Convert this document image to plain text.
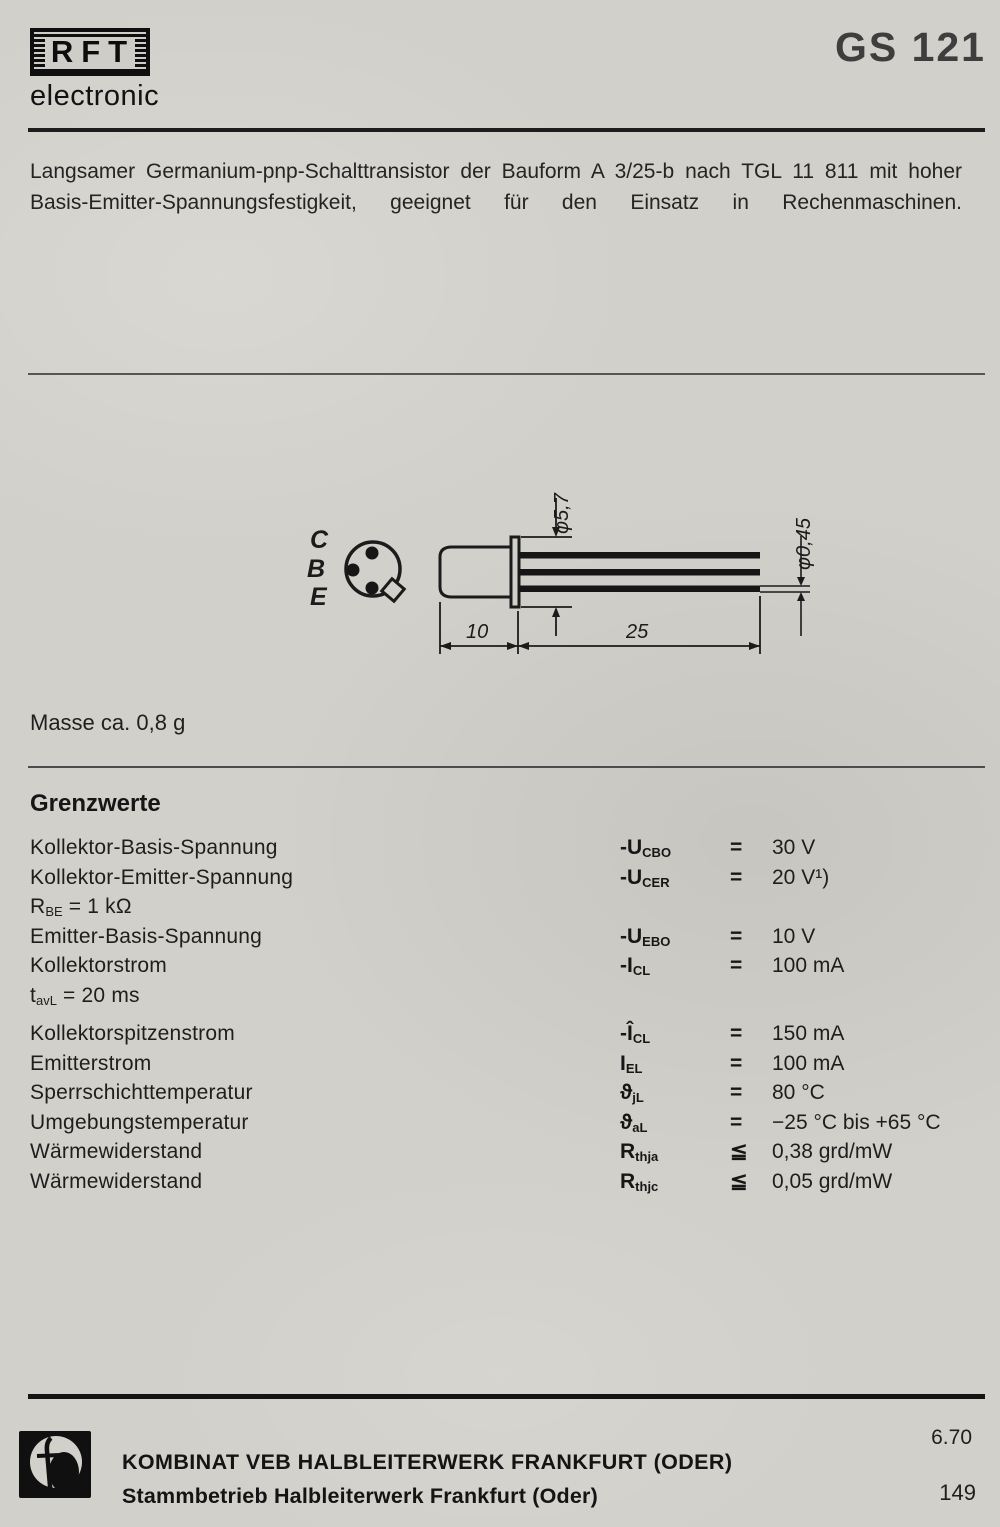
RFT
electronic
GS 121
Langsamer Germanium-pnp-Schalttransistor der Bauform A 3/25-b nach TGL 11 811 mit hoher Basis-Emitter-Spannungsfestigkeit, geeignet für den Einsatz in Rechenmaschinen.
C
B
E
φ5,7
φ0,45
10	25
Masse ca. 0,8 g
Grenzwerte
Kollektor-Basis-Spannung	$-U_{CBO}$	=	30 V
Kollektor-Emitter-Spannung	$-U_{CER}$	=	20 V¹)
$R_{BE} = 1$ kΩ
Emitter-Basis-Spannung	$-U_{EBO}$	=	10 V
Kollektorstrom	$-I_{CL}$	=	100 mA
$t_{avL} = 20$ ms
Kollektorspitzenstrom	$-Î_{CL}$	=	150 mA
Emitterstrom	$I_{EL}$	=	100 mA
Sperrschichttemperatur	$ϑ_{jL}$	=	80 °C
Umgebungstemperatur	$ϑ_{aL}$	=	−25 °C bis +65 °C
Wärmewiderstand	$R_{thja}$	≦	0,38 grd/mW
Wärmewiderstand	$R_{thjc}$	≦	0,05 grd/mW
KOMBINAT VEB HALBLEITERWERK FRANKFURT (ODER)
Stammbetrieb Halbleiterwerk Frankfurt (Oder)
6.70
149
